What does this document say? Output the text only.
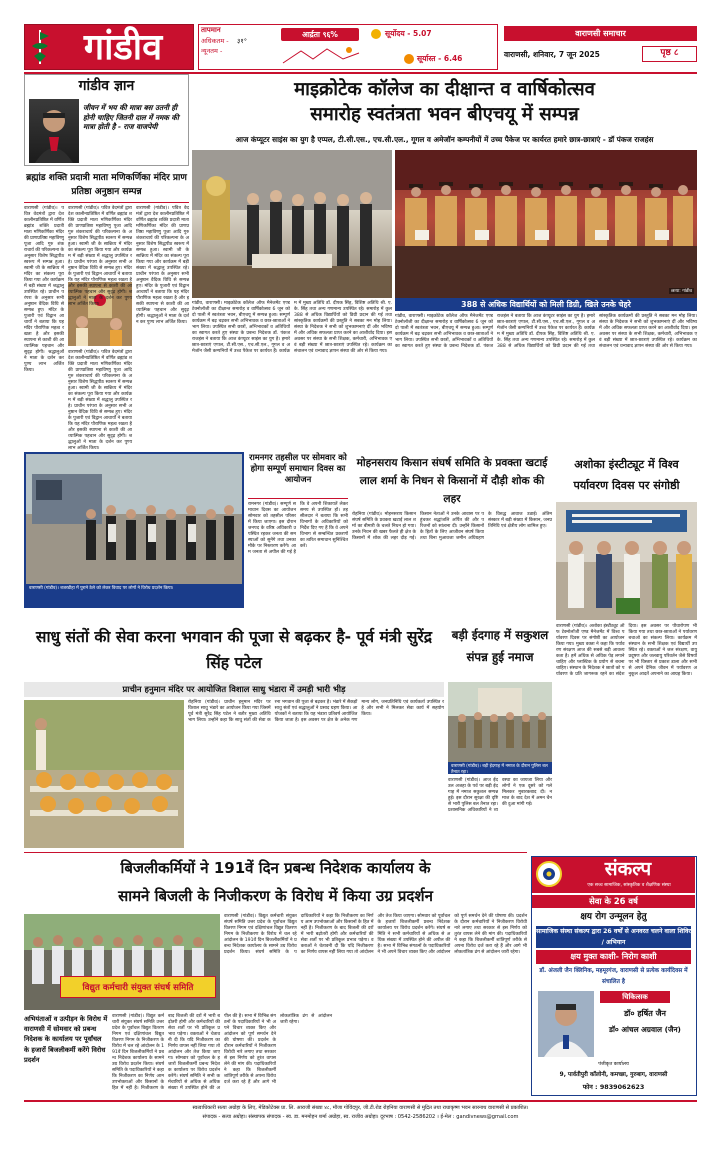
गांडीव	तापमान
अधिकतम - ३१°
न्यूनतम -
आर्द्रता ९६%	सूर्योदय - 5.07
सूर्यास्त - 6.46
वाराणसी समाचार
वाराणसी, शनिवार, 7 जून 2025	पृष्ठ ८
गांडीव ज्ञान
जीवन में भय की मात्रा बस उतनी ही होनी चाहिए जितनी दाल में नमक की मात्रा होती है - राज वाजपेयी
माइक्रोटेक कॉलेज का दीक्षान्त व वार्षिकोत्सव
समारोह स्वतंत्रता भवन बीएचयू में सम्पन्न
आज कंप्यूटर साइंस का युग है एप्पल, टी.सी.एस., एच.सी.एल., गूगल व अमेजॉन कम्पनीयों में उच्च पैकेज पर कार्यरत हमारे छात्र-छात्राएं - डॉ पंकज राजहंस
छाया: गांडीव
388 से अधिक विद्यार्थियों को मिली डिग्री, खिले उनके चेहरे
गांडीव, वाराणसी। माइक्रोटेक कॉलेज ऑफ मैनेजमेंट एण्ड टेक्नोलॉजी का दीक्षान्त समारोह व वार्षिकोत्सव 6 जून को दो पाली में स्वतंत्रता भवन, बीएचयू में सम्पन्न हुआ। सम्पूर्ण कार्यक्रम में बढ़ चढ़कर सभी अभिभावक व छात्र-छात्राओं ने भाग लिया। उपस्थित सभी छात्रों, अभिभावकों व अतिथियों का स्वागत करते हुए संस्था के प्रबन्ध निदेशक डॉ. पंकज राजहंस ने बताया कि आज कंप्यूटर साइंस का युग है। हमारे छात्र-छात्राएं एप्पल, टी.सी.एस., एच.सी.एल., गूगल व अमेजॉन जैसी कम्पनियों में उच्च पैकेज पर कार्यरत हैं। कार्यक्रम में मुख्य अतिथि डॉ. दीपक सिंह, विशिष्ट अतिथि श्री. ए. के. सिंह तथा अन्य गणमान्य उपस्थित रहे। समारोह में कुल 388 से अधिक विद्यार्थियों को डिग्री प्रदान की गई तथा सांस्कृतिक कार्यक्रमों की प्रस्तुति ने सबका मन मोह लिया। संस्था के निदेशक ने सभी को शुभकामनाएं दीं और भविष्य में और अधिक सफलता प्राप्त करने का आशीर्वाद दिया। इस अवसर पर संस्था के सभी शिक्षक, कर्मचारी, अभिभावक एवं बड़ी संख्या में छात्र-छात्राएं उपस्थित रहे। कार्यक्रम का संचालन एवं धन्यवाद ज्ञापन संस्था की ओर से किया गया।
गांडीव, वाराणसी। माइक्रोटेक कॉलेज ऑफ मैनेजमेंट एण्ड टेक्नोलॉजी का दीक्षान्त समारोह व वार्षिकोत्सव 6 जून को दो पाली में स्वतंत्रता भवन, बीएचयू में सम्पन्न हुआ। सम्पूर्ण कार्यक्रम में बढ़ चढ़कर सभी अभिभावक व छात्र-छात्राओं ने भाग लिया। उपस्थित सभी छात्रों, अभिभावकों व अतिथियों का स्वागत करते हुए संस्था के प्रबन्ध निदेशक डॉ. पंकज राजहंस ने बताया कि आज कंप्यूटर साइंस का युग है। हमारे छात्र-छात्राएं एप्पल, टी.सी.एस., एच.सी.एल., गूगल व अमेजॉन जैसी कम्पनियों में उच्च पैकेज पर कार्यरत हैं। कार्यक्रम में मुख्य अतिथि डॉ. दीपक सिंह, विशिष्ट अतिथि श्री. ए. के. सिंह तथा अन्य गणमान्य उपस्थित रहे। समारोह में कुल 388 से अधिक विद्यार्थियों को डिग्री प्रदान की गई तथा सांस्कृतिक कार्यक्रमों की प्रस्तुति ने सबका मन मोह लिया। संस्था के निदेशक ने सभी को शुभकामनाएं दीं और भविष्य में और अधिक सफलता प्राप्त करने का आशीर्वाद दिया। इस अवसर पर संस्था के सभी शिक्षक, कर्मचारी, अभिभावक एवं बड़ी संख्या में छात्र-छात्राएं उपस्थित रहे। कार्यक्रम का संचालन एवं धन्यवाद ज्ञापन संस्था की ओर से किया गया।
ब्रह्मांड शक्ति प्रदात्री माता मणिकर्णिका मंदिर प्राण प्रतिष्ठा अनुष्ठान सम्पन्न
वाराणसी (गांडीव)। पवित्र वेदमंत्रों द्वारा देश कालीनप्रतिष्ठित में वर्णित ब्रह्मांड शक्ति प्रदात्री माता मणिकर्णिका मंदिर की प्राणप्रतिष्ठा महाविष्णु पूजा आदि गुरु शंकराचार्य की परिकल्पना के अनुसार विशेष सिद्धपीठ स्वरूप में सम्पन्न हुआ। स्वामी जी के सान्निध्य में मंदिर का संकल्प पूरा किया गया और कार्यक्रम में बड़ी संख्या में श्रद्धालु उपस्थित रहे। प्राचीन परंपरा के अनुसार सभी अनुष्ठान वैदिक विधि से सम्पन्न हुए। मंदिर के पुजारी एवं विद्वान आचार्यों ने बताया कि यह मंदिर पौराणिक महत्व रखता है और इसकी स्थापना से काशी की आध्यात्मिक पहचान और सुदृढ़ होगी। श्रद्धालुओं ने माता के दर्शन कर पुण्य लाभ अर्जित किया।
वाराणसी (गांडीव)। पवित्र वेदमंत्रों द्वारा देश कालीनप्रतिष्ठित में वर्णित ब्रह्मांड शक्ति प्रदात्री माता मणिकर्णिका मंदिर की प्राणप्रतिष्ठा महाविष्णु पूजा आदि गुरु शंकराचार्य की परिकल्पना के अनुसार विशेष सिद्धपीठ स्वरूप में सम्पन्न हुआ। स्वामी जी के सान्निध्य में मंदिर का संकल्प पूरा किया गया और कार्यक्रम में बड़ी संख्या में श्रद्धालु उपस्थित रहे। प्राचीन परंपरा के अनुसार सभी अनुष्ठान वैदिक विधि से सम्पन्न हुए। मंदिर के पुजारी एवं विद्वान आचार्यों ने बताया कि यह मंदिर पौराणिक महत्व रखता है और इसकी स्थापना से काशी की आध्यात्मिक पहचान और सुदृढ़ होगी। श्रद्धालुओं ने माता के दर्शन कर पुण्य लाभ अर्जित किया।
वाराणसी (गांडीव)। पवित्र वेदमंत्रों द्वारा देश कालीनप्रतिष्ठित में वर्णित ब्रह्मांड शक्ति प्रदात्री माता मणिकर्णिका मंदिर की प्राणप्रतिष्ठा महाविष्णु पूजा आदि गुरु शंकराचार्य की परिकल्पना के अनुसार विशेष सिद्धपीठ स्वरूप में सम्पन्न हुआ। स्वामी जी के सान्निध्य में मंदिर का संकल्प पूरा किया गया और कार्यक्रम में बड़ी संख्या में श्रद्धालु उपस्थित रहे। प्राचीन परंपरा के अनुसार सभी अनुष्ठान वैदिक विधि से सम्पन्न हुए। मंदिर के पुजारी एवं विद्वान आचार्यों ने बताया कि यह मंदिर पौराणिक महत्व रखता है और इसकी स्थापना से काशी की आध्यात्मिक पहचान और सुदृढ़ होगी। श्रद्धालुओं ने माता के दर्शन कर पुण्य लाभ अर्जित किया।
वाराणसी (गांडीव)। पवित्र वेदमंत्रों द्वारा देश कालीनप्रतिष्ठित में वर्णित ब्रह्मांड शक्ति प्रदात्री माता मणिकर्णिका मंदिर की प्राणप्रतिष्ठा महाविष्णु पूजा आदि गुरु शंकराचार्य की परिकल्पना के अनुसार विशेष सिद्धपीठ स्वरूप में सम्पन्न हुआ। स्वामी जी के सान्निध्य में मंदिर का संकल्प पूरा किया गया और कार्यक्रम में बड़ी संख्या में श्रद्धालु उपस्थित रहे। प्राचीन परंपरा के अनुसार सभी अनुष्ठान वैदिक विधि से सम्पन्न हुए। मंदिर के पुजारी एवं विद्वान आचार्यों ने बताया कि यह मंदिर पौराणिक महत्व रखता है और इसकी स्थापना से काशी की आध्यात्मिक पहचान और सुदृढ़ होगी। श्रद्धालुओं ने माता के दर्शन कर पुण्य लाभ अर्जित किया।
वाराणसी (गांडीव)। बजरडीहा में पुराने ठेले को लेकर विवाद पर लोगों ने विरोध प्रदर्शन किया।
रामनगर तहसील पर सोमवार को होगा सम्पूर्ण समाधान दिवस का आयोजन
रामनगर (गांडीव)। सम्पूर्ण समाधान दिवस का आयोजन सोमवार को तहसील परिसर में किया जाएगा। इस दौरान जनपद के वरिष्ठ अधिकारी उपस्थित रहकर जनता की समस्याओं को सुनेंगे तथा उनका मौके पर निस्तारण करेंगे। आम जनता से अपील की गई है कि वे अपनी शिकायतें लेकर समय से उपस्थित हों। तहसीलदार ने बताया कि सभी विभागों के अधिकारियों को निर्देश दिए गए हैं कि वे अपने विभाग से सम्बन्धित प्रकरणों का त्वरित समाधान सुनिश्चित करें।
मोहनसराय किसान संघर्ष समिति के प्रवक्ता खटाई लाल शर्मा के निधन से किसानों में दौड़ी शोक की लहर
रोहनिया (गांडीव)। मोहनसराय किसान संघर्ष समिति के प्रवक्ता खटाई लाल शर्मा का बीमारी के चलते निधन हो गया। उनके निधन की खबर फैलते ही क्षेत्र के किसानों में शोक की लहर दौड़ गई। किसान नेताओं ने उनके आवास पर पहुंचकर श्रद्धांजलि अर्पित की और परिजनों को सांत्वना दी। उन्होंने किसानों के हितों के लिए आजीवन संघर्ष किया तथा बिना मुआवजा जमीन अधिग्रहण के विरुद्ध आवाज उठाई। अंतिम संस्कार में बड़ी संख्या में किसान, जनप्रतिनिधि एवं क्षेत्रीय लोग शामिल हुए।
अशोका इंस्टीट्यूट में विश्व पर्यावरण दिवस पर संगोष्ठी
वाराणसी (गांडीव)। अशोका इंस्टीट्यूट ऑफ टेक्नोलॉजी एण्ड मैनेजमेंट में विश्व पर्यावरण दिवस पर संगोष्ठी का आयोजन किया गया। मुख्य वक्ता ने कहा कि पर्यावरण संरक्षण आज की सबसे बड़ी आवश्यकता है। हमें अधिक से अधिक पेड़ लगाने चाहिए और प्लास्टिक के प्रयोग से बचना चाहिए। संस्थान के निदेशक ने छात्रों को पर्यावरण के प्रति जागरूक रहने का संदेश दिया। इस अवसर पर पौधारोपण भी किया गया तथा छात्र-छात्राओं ने पर्यावरण बचाओ का संकल्प लिया। कार्यक्रम में संस्थान के सभी शिक्षक एवं विद्यार्थी उपस्थित रहे। वक्ताओं ने जल संरक्षण, वायु प्रदूषण और जलवायु परिवर्तन जैसे विषयों पर भी विस्तार से प्रकाश डाला और सभी से अपने दैनिक जीवन में पर्यावरण अनुकूल आदतें अपनाने का आग्रह किया।
साधु संतों की सेवा करना भगवान की पूजा से बढ़कर है- पूर्व मंत्री सुरेंद्र सिंह पटेल
प्राचीन हनुमान मंदिर पर आयोजित विशाल साधु भंडारा में उमड़ी भारी भीड़
रोहनिया (गांडीव)। प्राचीन हनुमान मंदिर पर विशाल साधु भंडारे का आयोजन किया गया जिसमें पूर्व मंत्री सुरेंद्र सिंह पटेल ने बतौर मुख्य अतिथि भाग लिया। उन्होंने कहा कि साधु संतों की सेवा करना भगवान की पूजा से बढ़कर है। भंडारे में सैकड़ों साधु संतों एवं श्रद्धालुओं ने प्रसाद ग्रहण किया। आयोजकों ने बताया कि यह भंडारा प्रतिवर्ष आयोजित किया जाता है। इस अवसर पर क्षेत्र के अनेक गणमान्य लोग, जनप्रतिनिधि एवं कार्यकर्ता उपस्थित रहे और सभी ने मिलकर सेवा कार्य में सहयोग किया।
बड़ी ईदगाह में सकुशल संपन्न हुई नमाज
वाराणसी (गांडीव)। बड़ी ईदगाह में नमाज के दौरान पुलिस बल तैनात रहा।
वाराणसी (गांडीव)। आज ईद उल अजहा के पर्व पर बड़ी ईदगाह में नमाज सकुशल सम्पन्न हुई। इस दौरान सुरक्षा की दृष्टि से भारी पुलिस बल तैनात रहा। प्रशासनिक अधिकारियों ने व्यवस्था का जायजा लिया और लोगों ने एक दूसरे को गले मिलकर मुबारकबाद दी। नमाज के बाद देश में अमन चैन की दुआ मांगी गई।
बिजलीकर्मियों ने 191वें दिन प्रबन्ध निदेशक कार्यालय के
सामने बिजली के निजीकरण के विरोध में किया उग्र प्रदर्शन
विद्युत कर्मचारी संयुक्त संघर्ष समिति
अभियंताओं व उत्पीड़न के विरोध में वाराणसी में सोमवार को प्रबन्ध निदेशक के कार्यालय पर पूर्वांचल के हजारों बिजलीकर्मी करेंगे विरोध प्रदर्शन
वाराणसी (गांडीव)। विद्युत कर्मचारी संयुक्त संघर्ष समिति उत्तर प्रदेश के पूर्वांचल विद्युत वितरण निगम एवं दक्षिणांचल विद्युत वितरण निगम के निजीकरण के विरोध में चल रहे आंदोलन के 191वें दिन बिजलीकर्मियों ने प्रबन्ध निदेशक कार्यालय के सामने उग्र विरोध प्रदर्शन किया। संघर्ष समिति के पदाधिकारियों ने कहा कि निजीकरण का निर्णय आम उपभोक्ताओं और किसानों के हित में नहीं है। निजीकरण के बाद बिजली की दरों में भारी बढ़ोतरी होगी और कर्मचारियों की सेवा शर्तों पर भी प्रतिकूल प्रभाव पड़ेगा। वक्ताओं ने चेतावनी दी कि यदि निजीकरण का निर्णय वापस नहीं लिया गया तो आंदोलन और तेज किया जाएगा। सोमवार को पूर्वांचल के हजारों बिजलीकर्मी प्रबन्ध निदेशक कार्यालय पर विरोध प्रदर्शन करेंगे। संघर्ष समिति ने सभी कर्मचारियों से अधिक से अधिक संख्या में उपस्थित होने की अपील की है। सभा में विभिन्न संगठनों के पदाधिकारियों ने भी अपने विचार व्यक्त किए और आंदोलन को पूर्ण समर्थन देने की घोषणा की। प्रदर्शन के दौरान कर्मचारियों ने निजीकरण विरोधी नारे लगाए तथा सरकार से इस निर्णय को तुरंत वापस लेने की मांग की। पदाधिकारियों ने कहा कि बिजलीकर्मी शांतिपूर्ण तरीके से अपना विरोध दर्ज करा रहे हैं और आगे भी लोकतांत्रिक ढंग से आंदोलन जारी रहेगा।
वाराणसी (गांडीव)। विद्युत कर्मचारी संयुक्त संघर्ष समिति उत्तर प्रदेश के पूर्वांचल विद्युत वितरण निगम एवं दक्षिणांचल विद्युत वितरण निगम के निजीकरण के विरोध में चल रहे आंदोलन के 191वें दिन बिजलीकर्मियों ने प्रबन्ध निदेशक कार्यालय के सामने उग्र विरोध प्रदर्शन किया। संघर्ष समिति के पदाधिकारियों ने कहा कि निजीकरण का निर्णय आम उपभोक्ताओं और किसानों के हित में नहीं है। निजीकरण के बाद बिजली की दरों में भारी बढ़ोतरी होगी और कर्मचारियों की सेवा शर्तों पर भी प्रतिकूल प्रभाव पड़ेगा। वक्ताओं ने चेतावनी दी कि यदि निजीकरण का निर्णय वापस नहीं लिया गया तो आंदोलन और तेज किया जाएगा। सोमवार को पूर्वांचल के हजारों बिजलीकर्मी प्रबन्ध निदेशक कार्यालय पर विरोध प्रदर्शन करेंगे। संघर्ष समिति ने सभी कर्मचारियों से अधिक से अधिक संख्या में उपस्थित होने की अपील की है। सभा में विभिन्न संगठनों के पदाधिकारियों ने भी अपने विचार व्यक्त किए और आंदोलन को पूर्ण समर्थन देने की घोषणा की। प्रदर्शन के दौरान कर्मचारियों ने निजीकरण विरोधी नारे लगाए तथा सरकार से इस निर्णय को तुरंत वापस लेने की मांग की। पदाधिकारियों ने कहा कि बिजलीकर्मी शांतिपूर्ण तरीके से अपना विरोध दर्ज करा रहे हैं और आगे भी लोकतांत्रिक ढंग से आंदोलन जारी रहेगा।
संकल्प
एक सच्च सामाजिक, सांस्कृतिक व शैक्षणिक संस्था
सेवा के 26 वर्ष
क्षय रोग उन्मूलन हेतु
सामाजिक संस्था संकल्प द्वारा 26 वर्षों से अनवरत चलने वाला शिविर / अभियान
क्षय मुक्त काशी- निरोग काशी
डॉ. अंजली जैन क्लिनिक, महमूरगंज, वाराणसी से प्रत्येक कार्यदिवस में संचालित है
चिकित्सक
डॉ० हर्षित जैन
डॉ० आंचल अग्रवाल (जैन)
पंजीकृत कार्यालय
9, पार्वतीपुरी कॉलोनी, कमच्छा, गुरुबाग, वाराणसी
फोन : 9839062623
स्वत्वाधिकारी सत्या अग्रोहा के लिए, मेडिकोटेक्स प्रा. लि. आराजी संख्या ४८, मौजा गोविंदपुर, जी.टी.रोड रोहनिया वाराणसी से मुद्रित तथा राधाकृष्ण भवन सारनाथ वाराणसी से प्रकाशित।
संपादक - सत्या अग्रोहा। संस्थापक संपादक - स्व. डा. मनमोहन शर्मा अग्रोहा, स्व. राजीव अग्रोहा। दूरभाष : 0542-2586202 । ई-मेल : gandivnews@gmail.com
